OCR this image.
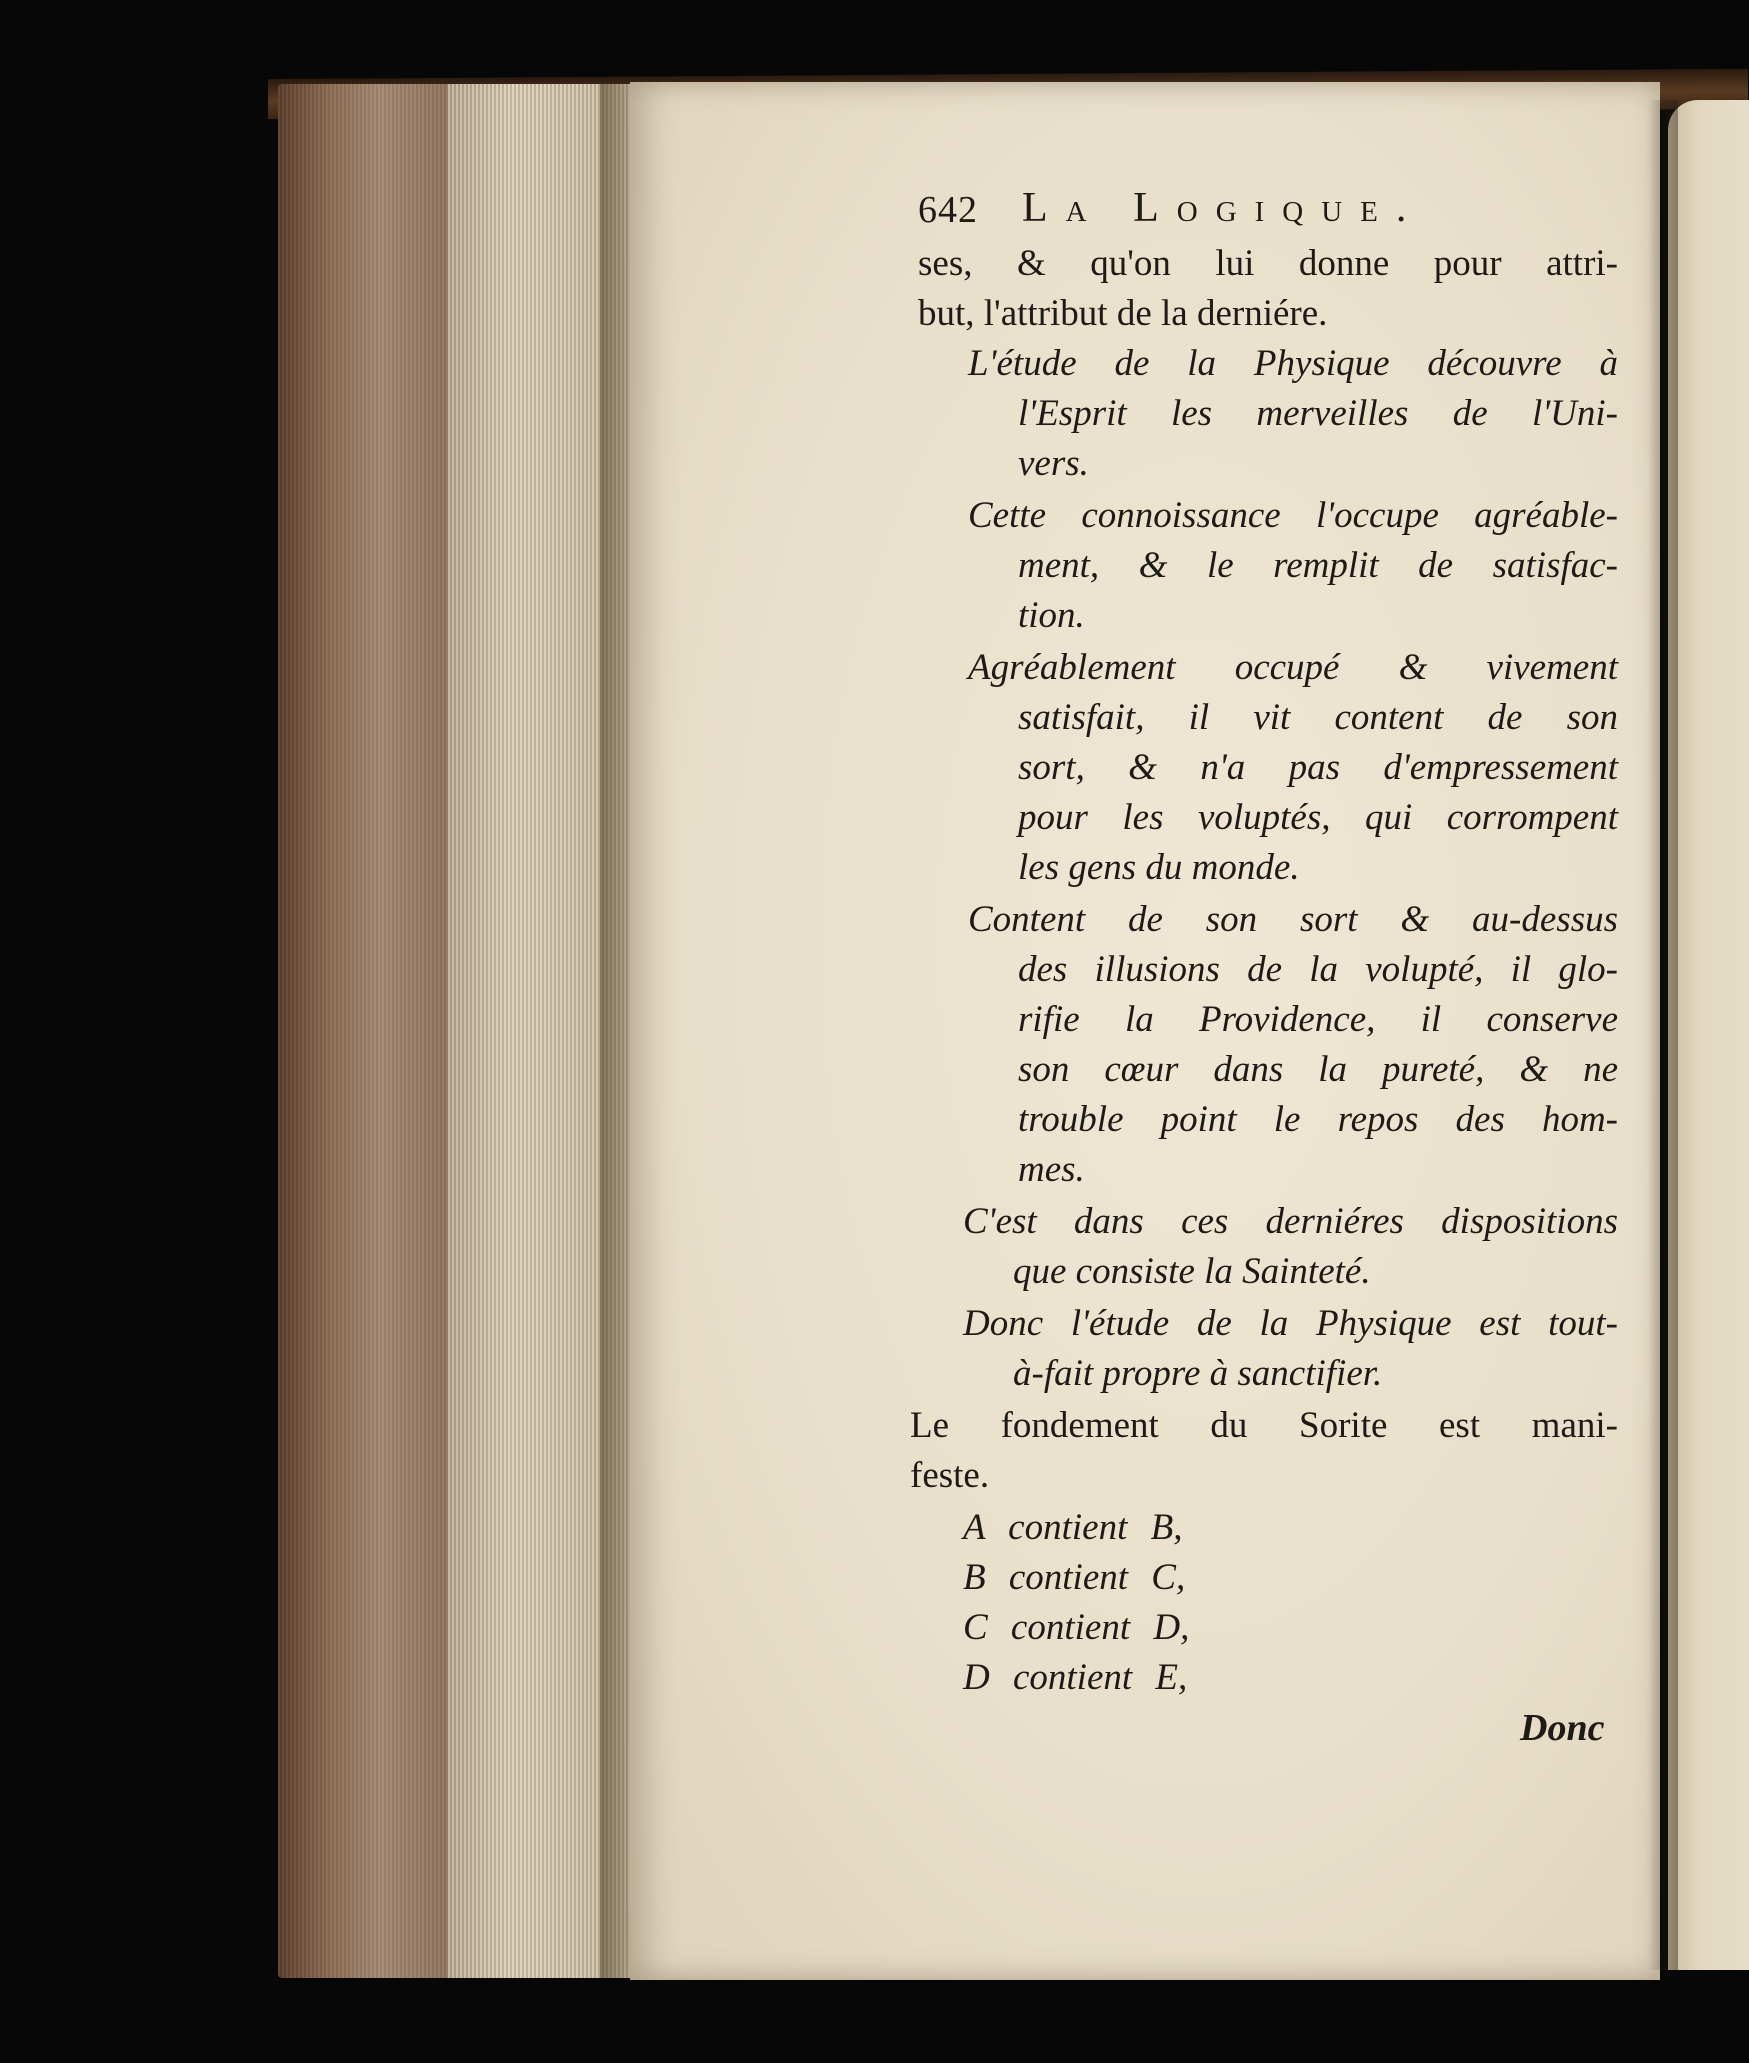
642 La Logique.
ses, & qu'on lui donne pour attri-
but, l'attribut de la derniére.
L'étude de la Physique découvre à
l'Esprit les merveilles de l'Uni-
vers.
Cette connoissance l'occupe agréable-
ment, & le remplit de satisfac-
tion.
Agréablement occupé & vivement
satisfait, il vit content de son
sort, & n'a pas d'empressement
pour les voluptés, qui corrompent
les gens du monde.
Content de son sort & au-dessus
des illusions de la volupté, il glo-
rifie la Providence, il conserve
son cœur dans la pureté, & ne
trouble point le repos des hom-
mes.
C'est dans ces derniéres dispositions
que consiste la Sainteté.
Donc l'étude de la Physique est tout-
à-fait propre à sanctifier.
Le fondement du Sorite est mani-
feste.
A contient B,
B contient C,
C contient D,
D contient E,
Donc
